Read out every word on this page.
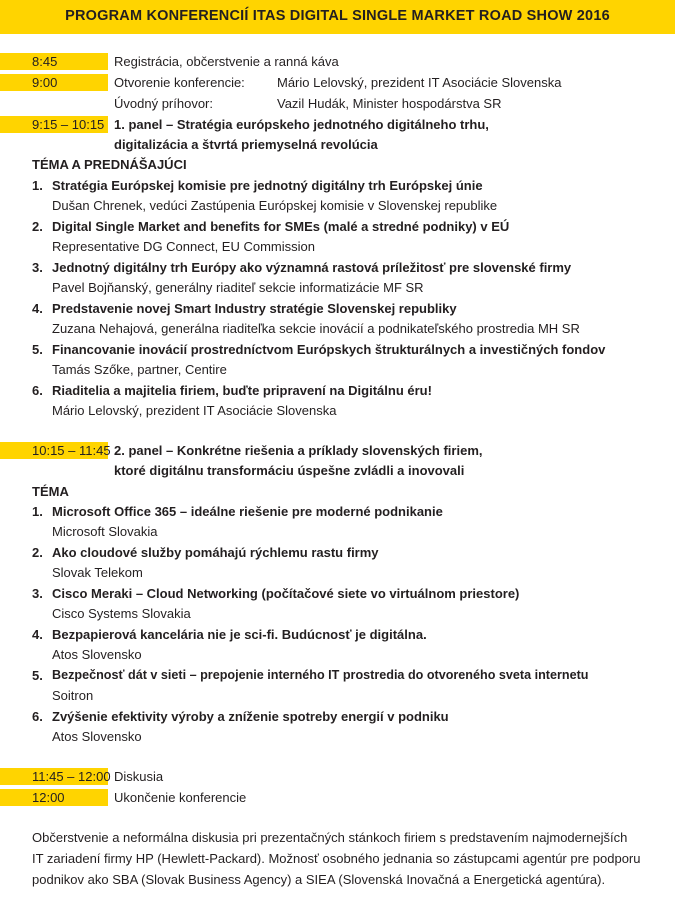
PROGRAM KONFERENCIÍ ITAS DIGITAL SINGLE MARKET ROAD SHOW 2016
8:45	Registrácia, občerstvenie a ranná káva
9:00	Otvorenie konferencie: Mário Lelovský, prezident IT Asociácie Slovenska
Úvodný príhovor:	Vazil Hudák, Minister hospodárstva SR
9:15 – 10:15 1. panel – Stratégia európskeho jednotného digitálneho trhu,
digitalizácia a štvrtá priemyselná revolúcia
TÉMA A PREDNÁŠAJÚCI
1. Stratégia Európskej komisie pre jednotný digitálny trh Európskej únie
Dušan Chrenek, vedúci Zastúpenia Európskej komisie v Slovenskej republike
2. Digital Single Market and benefits for SMEs (malé a stredné podniky) v EÚ
Representative DG Connect, EU Commission
3. Jednotný digitálny trh Európy ako významná rastová príležitosť pre slovenské firmy
Pavel Bojňanský, generálny riaditeľ sekcie informatizácie MF SR
4. Predstavenie novej Smart Industry stratégie Slovenskej republiky
Zuzana Nehajová, generálna riaditeľka sekcie inovácií a podnikateľského prostredia MH SR
5. Financovanie inovácií prostredníctvom Európskych štrukturálnych a investičných fondov
Tamás Szőke, partner, Centire
6. Riaditelia a majitelia firiem, buďte pripravení na Digitálnu éru!
Mário Lelovský, prezident IT Asociácie Slovenska
10:15 – 11:45 2. panel – Konkrétne riešenia a príklady slovenských firiem,
ktoré digitálnu transformáciu úspešne zvládli a inovovali
TÉMA
1. Microsoft Office 365 – ideálne riešenie pre moderné podnikanie
Microsoft Slovakia
2. Ako cloudové služby pomáhajú rýchlemu rastu firmy
Slovak Telekom
3. Cisco Meraki – Cloud Networking (počítačové siete vo virtuálnom priestore)
Cisco Systems Slovakia
4. Bezpapierová kancelária nie je sci-fi. Budúcnosť je digitálna.
Atos Slovensko
5. Bezpečnosť dát v sieti – prepojenie interného IT prostredia do otvoreného sveta internetu
Soitron
6. Zvýšenie efektivity výroby a zníženie spotreby energií v podniku
Atos Slovensko
11:45 – 12:00 Diskusia
12:00	Ukončenie konferencie
Občerstvenie a neformálna diskusia pri prezentačných stánkoch firiem s predstavením najmodernejších IT zariadení firmy HP (Hewlett-Packard). Možnosť osobného jednania so zástupcami agentúr pre podporu podnikov ako SBA (Slovak Business Agency) a SIEA (Slovenská Inovačná a Energetická agentúra).
